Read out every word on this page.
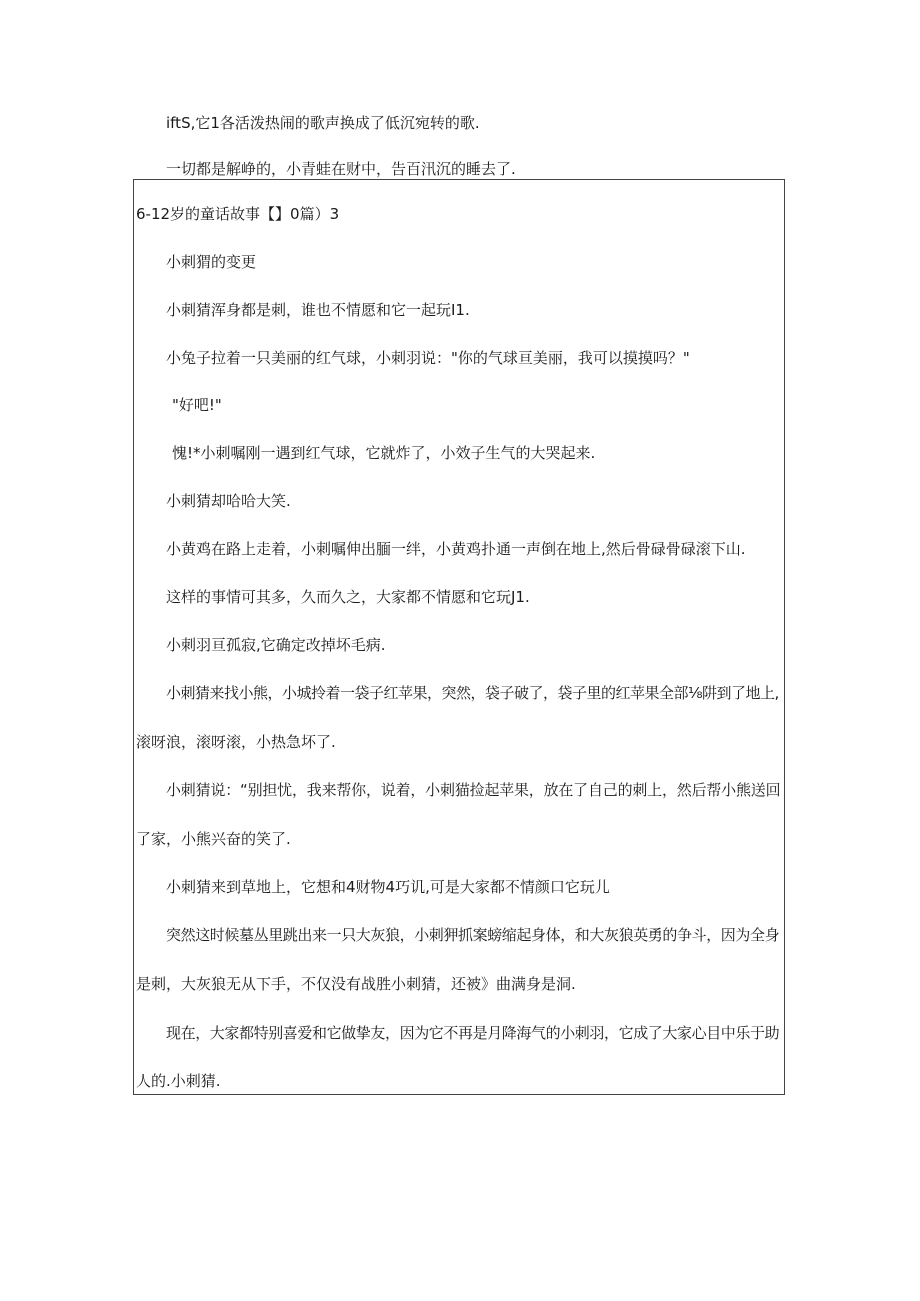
iftS,它1各活泼热闹的歌声换成了低沉宛转的歌.
一切都是解峥的，小青蛙在财中，告百汛沉的睡去了.
6-12岁的童话故事【】0篇）3
小刺猬的变更
小刺猜浑身都是刺，谁也不情愿和它一起玩I1.
小兔子拉着一只美丽的红气球，小刺羽说："你的气球亘美丽，我可以摸摸吗？"
"好吧!"
愧!*小刺嘱刚一遇到红气球，它就炸了，小效子生气的大哭起来.
小刺猜却哈哈大笑.
小黄鸡在路上走着，小刺嘱伸出腼一绊，小黄鸡扑通一声倒在地上,然后骨碌骨碌滚下山.
这样的事情可其多，久而久之，大家都不情愿和它玩J1.
小刺羽亘孤寂,它确定改掉坏毛病.
小刺猜来找小熊，小城拎着一袋子红苹果，突然，袋子破了，袋子里的红苹果全部⅛阱到了地上,
滚呀浪，滚呀滚，小热急坏了.
小刺猜说：“别担忧，我来帮你，说着，小刺猫捡起苹果，放在了自己的刺上，然后帮小熊送回
了家，小熊兴奋的笑了.
小刺猜来到草地上，它想和4财物4巧讥,可是大家都不情颜口它玩儿
突然这时候墓丛里跳出来一只大灰狼，小刺狎抓案螃缩起身体，和大灰狼英勇的争斗，因为全身
是刺，大灰狼无从下手，不仅没有战胜小刺猜，还被》曲满身是洞.
现在，大家都特别喜爱和它做挚友，因为它不再是月降海气的小刺羽，它成了大家心目中乐于助
人的.小刺猜.
